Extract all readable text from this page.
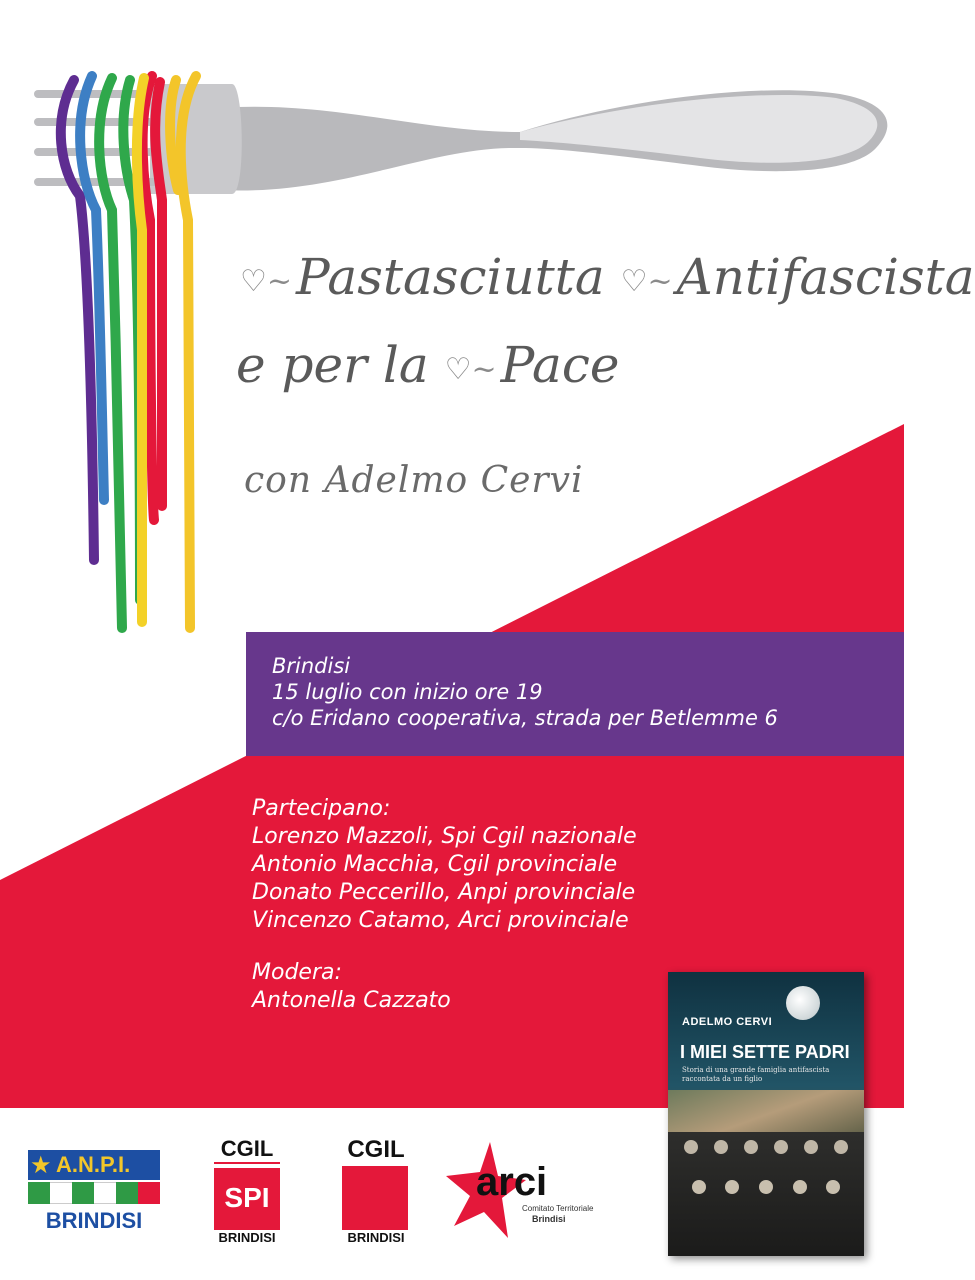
♡~Pastasciutta ♡~Antifascista
e per la ♡~Pace
con Adelmo Cervi
Brindisi
15 luglio con inizio ore 19
c/o Eridano cooperativa, strada per Betlemme 6
Partecipano:
Lorenzo Mazzoli, Spi Cgil nazionale
Antonio Macchia, Cgil provinciale
Donato Peccerillo, Anpi provinciale
Vincenzo Catamo, Arci provinciale
Modera:
Antonella Cazzato
★ A.N.P.I.
BRINDISI
CGIL
SPI
BRINDISI
CGIL
BRINDISI
arci
Comitato Territoriale
Brindisi
ADELMO CERVI
I MIEI SETTE PADRI
Storia di una grande famiglia antifascista raccontata da un figlio
